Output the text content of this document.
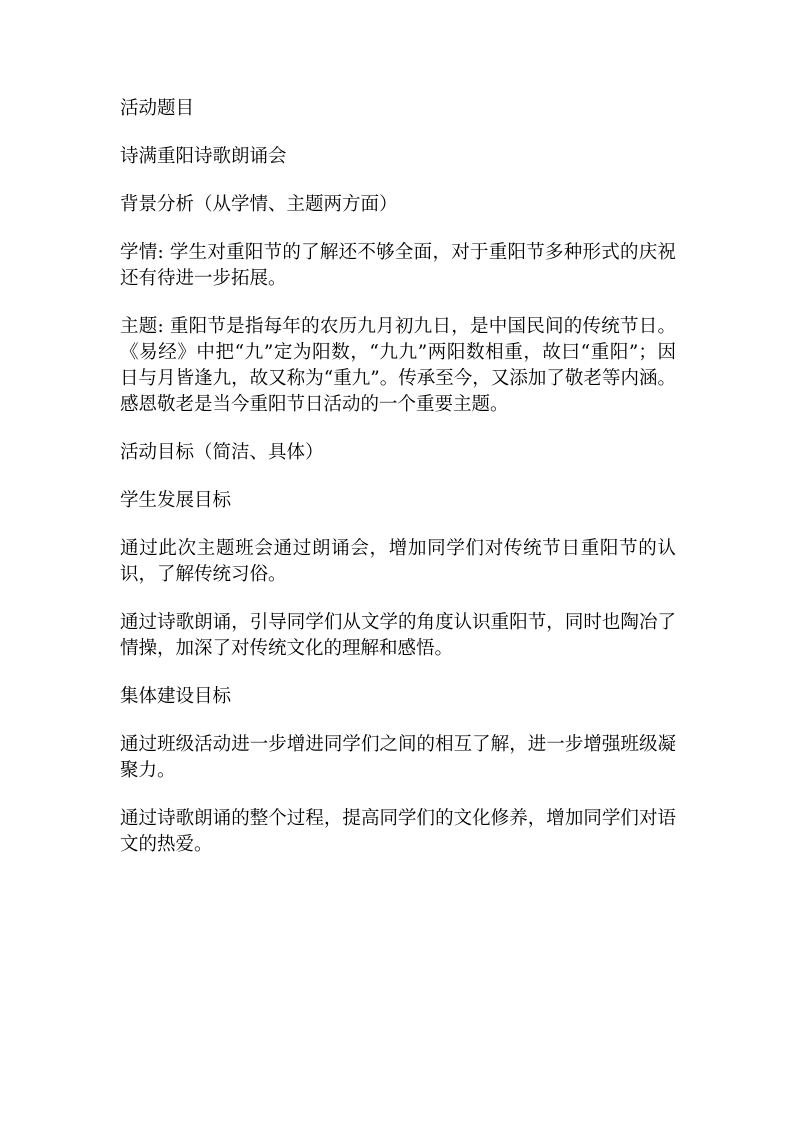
活动题目

诗满重阳诗歌朗诵会

背景分析（从学情、主题两方面）

学情: 学生对重阳节的了解还不够全面，对于重阳节多种形式的庆祝还有待进一步拓展。

主题: 重阳节是指每年的农历九月初九日，是中国民间的传统节日。《易经》中把“九”定为阳数，“九九”两阳数相重，故曰“重阳”；因日与月皆逢九，故又称为“重九”。传承至今，又添加了敬老等内涵。感恩敬老是当今重阳节日活动的一个重要主题。

活动目标（简洁、具体）

学生发展目标

通过此次主题班会通过朗诵会，增加同学们对传统节日重阳节的认识，了解传统习俗。

通过诗歌朗诵，引导同学们从文学的角度认识重阳节，同时也陶冶了情操，加深了对传统文化的理解和感悟。

集体建设目标

通过班级活动进一步增进同学们之间的相互了解，进一步增强班级凝聚力。

通过诗歌朗诵的整个过程，提高同学们的文化修养，增加同学们对语文的热爱。
